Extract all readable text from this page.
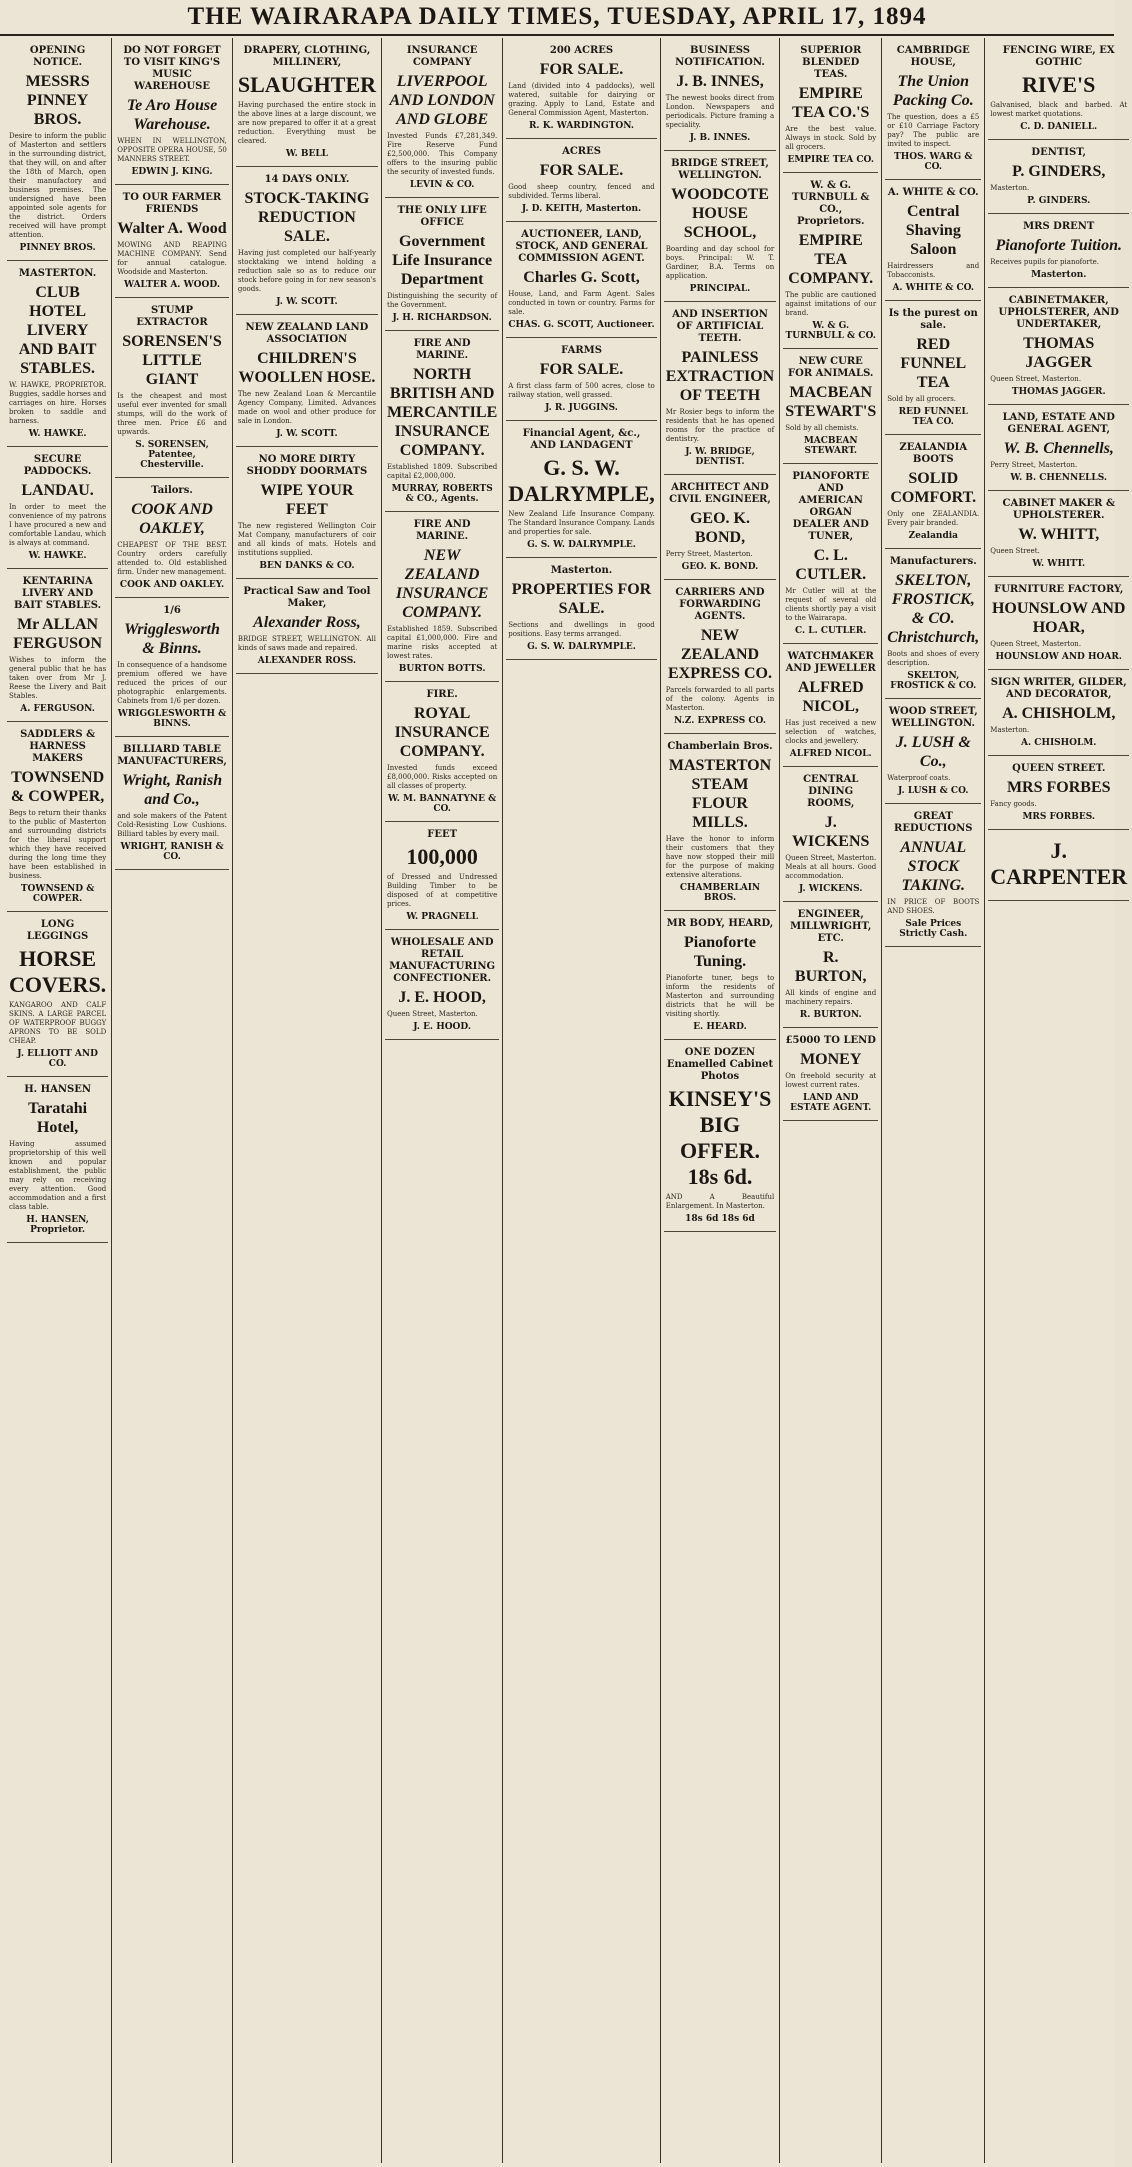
THE WAIRARAPA DAILY TIMES, TUESDAY, APRIL 17, 1894
OPENING NOTICE.
MESSRS PINNEY BROS.
Desire to inform the public of Masterton and settlers in the surrounding district, that they will, on and after the 18th of March, open their manufactory and business premises. The undersigned have been appointed sole agents for the district. Orders received will have prompt attention.
PINNEY BROS.
MASTERTON.
CLUB HOTEL LIVERY AND BAIT STABLES.
W. HAWKE, PROPRIETOR. Buggies, saddle horses and carriages on hire. Horses broken to saddle and harness.
W. HAWKE.
SECURE PADDOCKS.
LANDAU.
In order to meet the convenience of my patrons I have procured a new and comfortable Landau, which is always at command.
W. HAWKE.
KENTARINA LIVERY AND BAIT STABLES.
Mr ALLAN FERGUSON
Wishes to inform the general public that he has taken over from Mr J. Reese the Livery and Bait Stables.
A. FERGUSON.
SADDLERS & HARNESS MAKERS
TOWNSEND & COWPER,
Begs to return their thanks to the public of Masterton and surrounding districts for the liberal support which they have received during the long time they have been established in business.
TOWNSEND & COWPER.
LONG LEGGINGS
HORSE COVERS.
KANGAROO AND CALF SKINS. A LARGE PARCEL OF WATERPROOF BUGGY APRONS TO BE SOLD CHEAP.
J. ELLIOTT AND CO.
H. HANSEN
Taratahi Hotel,
Having assumed proprietorship of this well known and popular establishment, the public may rely on receiving every attention. Good accommodation and a first class table.
H. HANSEN, Proprietor.
DO NOT FORGET TO VISIT KING'S MUSIC WAREHOUSE
Te Aro House Warehouse.
WHEN IN WELLINGTON, OPPOSITE OPERA HOUSE, 50 MANNERS STREET.
EDWIN J. KING.
TO OUR FARMER FRIENDS
Walter A. Wood
MOWING AND REAPING MACHINE COMPANY. Send for annual catalogue. Woodside and Masterton.
WALTER A. WOOD.
STUMP EXTRACTOR
SORENSEN'S LITTLE GIANT
Is the cheapest and most useful ever invented for small stumps, will do the work of three men. Price £6 and upwards.
S. SORENSEN, Patentee, Chesterville.
Tailors.
COOK AND OAKLEY,
CHEAPEST OF THE BEST. Country orders carefully attended to. Old established firm. Under new management.
COOK AND OAKLEY.
1/6
Wrigglesworth & Binns.
In consequence of a handsome premium offered we have reduced the prices of our photographic enlargements. Cabinets from 1/6 per dozen.
WRIGGLESWORTH & BINNS.
BILLIARD TABLE MANUFACTURERS,
Wright, Ranish and Co.,
and sole makers of the Patent Cold-Resisting Low Cushions. Billiard tables by every mail.
WRIGHT, RANISH & CO.
DRAPERY, CLOTHING, MILLINERY,
SLAUGHTER
Having purchased the entire stock in the above lines at a large discount, we are now prepared to offer it at a great reduction. Everything must be cleared.
W. BELL
14 DAYS ONLY.
STOCK-TAKING REDUCTION SALE.
Having just completed our half-yearly stocktaking we intend holding a reduction sale so as to reduce our stock before going in for new season's goods.
J. W. SCOTT.
NEW ZEALAND LAND ASSOCIATION
CHILDREN'S WOOLLEN HOSE.
The new Zealand Loan & Mercantile Agency Company, Limited. Advances made on wool and other produce for sale in London.
J. W. SCOTT.
NO MORE DIRTY SHODDY DOORMATS
WIPE YOUR FEET
The new registered Wellington Coir Mat Company, manufacturers of coir and all kinds of mats. Hotels and institutions supplied.
BEN DANKS & CO.
Practical Saw and Tool Maker,
Alexander Ross,
BRIDGE STREET, WELLINGTON. All kinds of saws made and repaired.
ALEXANDER ROSS.
INSURANCE COMPANY
LIVERPOOL AND LONDON AND GLOBE
Invested Funds £7,281,349. Fire Reserve Fund £2,500,000. This Company offers to the insuring public the security of invested funds.
LEVIN & CO.
THE ONLY LIFE OFFICE
Government Life Insurance Department
Distinguishing the security of the Government.
J. H. RICHARDSON.
FIRE AND MARINE.
NORTH BRITISH AND MERCANTILE INSURANCE COMPANY.
Established 1809. Subscribed capital £2,000,000.
MURRAY, ROBERTS & CO., Agents.
FIRE AND MARINE.
NEW ZEALAND INSURANCE COMPANY.
Established 1859. Subscribed capital £1,000,000. Fire and marine risks accepted at lowest rates.
BURTON BOTTS.
FIRE.
ROYAL INSURANCE COMPANY.
Invested funds exceed £8,000,000. Risks accepted on all classes of property.
W. M. BANNATYNE & CO.
FEET
100,000
of Dressed and Undressed Building Timber to be disposed of at competitive prices.
W. PRAGNELL
WHOLESALE AND RETAIL MANUFACTURING CONFECTIONER.
J. E. HOOD,
Queen Street, Masterton.
J. E. HOOD.
200 ACRES
FOR SALE.
Land (divided into 4 paddocks), well watered, suitable for dairying or grazing. Apply to Land, Estate and General Commission Agent, Masterton.
R. K. WARDINGTON.
ACRES
FOR SALE.
Good sheep country, fenced and subdivided. Terms liberal.
J. D. KEITH, Masterton.
AUCTIONEER, LAND, STOCK, AND GENERAL COMMISSION AGENT.
Charles G. Scott,
House, Land, and Farm Agent. Sales conducted in town or country. Farms for sale.
CHAS. G. SCOTT, Auctioneer.
FARMS
FOR SALE.
A first class farm of 500 acres, close to railway station, well grassed.
J. R. JUGGINS.
Financial Agent, &c., AND LANDAGENT
G. S. W. DALRYMPLE,
New Zealand Life Insurance Company. The Standard Insurance Company. Lands and properties for sale.
G. S. W. DALRYMPLE.
Masterton.
PROPERTIES FOR SALE.
Sections and dwellings in good positions. Easy terms arranged.
G. S. W. DALRYMPLE.
BUSINESS NOTIFICATION.
J. B. INNES,
The newest books direct from London. Newspapers and periodicals. Picture framing a speciality.
J. B. INNES.
BRIDGE STREET, WELLINGTON.
WOODCOTE HOUSE SCHOOL,
Boarding and day school for boys. Principal: W. T. Gardiner, B.A. Terms on application.
PRINCIPAL.
AND INSERTION OF ARTIFICIAL TEETH.
PAINLESS EXTRACTION OF TEETH
Mr Rosier begs to inform the residents that he has opened rooms for the practice of dentistry.
J. W. BRIDGE, DENTIST.
ARCHITECT AND CIVIL ENGINEER,
GEO. K. BOND,
Perry Street, Masterton.
GEO. K. BOND.
CARRIERS AND FORWARDING AGENTS.
NEW ZEALAND EXPRESS CO.
Parcels forwarded to all parts of the colony. Agents in Masterton.
N.Z. EXPRESS CO.
Chamberlain Bros.
MASTERTON STEAM FLOUR MILLS.
Have the honor to inform their customers that they have now stopped their mill for the purpose of making extensive alterations.
CHAMBERLAIN BROS.
MR BODY, HEARD,
Pianoforte Tuning.
Pianoforte tuner, begs to inform the residents of Masterton and surrounding districts that he will be visiting shortly.
E. HEARD.
ONE DOZEN Enamelled Cabinet Photos
KINSEY'S BIG OFFER. 18s 6d.
AND A Beautiful Enlargement. In Masterton.
18s 6d 18s 6d
SUPERIOR BLENDED TEAS.
EMPIRE TEA CO.'S
Are the best value. Always in stock. Sold by all grocers.
EMPIRE TEA CO.
W. & G. TURNBULL & CO., Proprietors.
EMPIRE TEA COMPANY.
The public are cautioned against imitations of our brand.
W. & G. TURNBULL & CO.
NEW CURE FOR ANIMALS.
MACBEAN STEWART'S
Sold by all chemists.
MACBEAN STEWART.
PIANOFORTE AND AMERICAN ORGAN DEALER AND TUNER,
C. L. CUTLER.
Mr Cutler will at the request of several old clients shortly pay a visit to the Wairarapa.
C. L. CUTLER.
WATCHMAKER AND JEWELLER
ALFRED NICOL,
Has just received a new selection of watches, clocks and jewellery.
ALFRED NICOL.
CENTRAL DINING ROOMS,
J. WICKENS
Queen Street, Masterton. Meals at all hours. Good accommodation.
J. WICKENS.
ENGINEER, MILLWRIGHT, ETC.
R. BURTON,
All kinds of engine and machinery repairs.
R. BURTON.
£5000 TO LEND
MONEY
On freehold security at lowest current rates.
LAND AND ESTATE AGENT.
CAMBRIDGE HOUSE,
The Union Packing Co.
The question, does a £5 or £10 Carriage Factory pay? The public are invited to inspect.
THOS. WARG & CO.
A. WHITE & CO.
Central Shaving Saloon
Hairdressers and Tobacconists.
A. WHITE & CO.
Is the purest on sale.
RED FUNNEL TEA
Sold by all grocers.
RED FUNNEL TEA CO.
ZEALANDIA BOOTS
SOLID COMFORT.
Only one ZEALANDIA. Every pair branded.
Zealandia
Manufacturers.
SKELTON, FROSTICK, & CO. Christchurch,
Boots and shoes of every description.
SKELTON, FROSTICK & CO.
WOOD STREET, WELLINGTON.
J. LUSH & Co.,
Waterproof coats.
J. LUSH & CO.
GREAT REDUCTIONS
ANNUAL STOCK TAKING.
IN PRICE OF BOOTS AND SHOES.
Sale Prices Strictly Cash.
FENCING WIRE, EX GOTHIC
RIVE'S
Galvanised, black and barbed. At lowest market quotations.
C. D. DANIELL.
DENTIST,
P. GINDERS,
Masterton.
P. GINDERS.
MRS DRENT
Pianoforte Tuition.
Receives pupils for pianoforte.
Masterton.
CABINETMAKER, UPHOLSTERER, AND UNDERTAKER,
THOMAS JAGGER
Queen Street, Masterton.
THOMAS JAGGER.
LAND, ESTATE AND GENERAL AGENT,
W. B. Chennells,
Perry Street, Masterton.
W. B. CHENNELLS.
CABINET MAKER & UPHOLSTERER.
W. WHITT,
Queen Street.
W. WHITT.
FURNITURE FACTORY,
HOUNSLOW AND HOAR,
Queen Street, Masterton.
HOUNSLOW AND HOAR.
SIGN WRITER, GILDER, AND DECORATOR,
A. CHISHOLM,
Masterton.
A. CHISHOLM.
QUEEN STREET.
MRS FORBES
Fancy goods.
MRS FORBES.
J. CARPENTER
